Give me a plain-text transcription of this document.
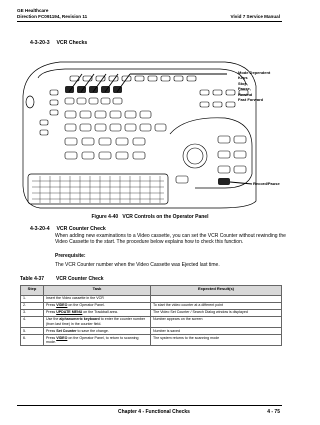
GE Healthcare
Direction FC091194, Revision 11	Vivid 7 Service Manual
4-3-20-3 VCR Checks
Mode Dependent
Keys
Stop,
Pause,
Rewind
Fast Forward
Record/Pause
Figure 4-40 VCR Controls on the Operator Panel
4-3-20-4 VCR Counter Check
When adding new examinations to a Video cassette, you can set the VCR Counter without rewinding the Video Cassette to the start. The procedure below explains how to check this function.
Prerequisite:
The VCR Counter number when the Video Cassette was Ejected last time.
Table 4-37 VCR Counter Check
Step	Task	Expected Result(s)
1.	Insert the Video cassette in the VCR	
2.	Press VIDEO on the Operator Panel.	To start the video counter at a different point
3.	Press UPDATE MENU on the Trackball area.	The Video Set Counter / Search Dialog window is displayed
4.	Use the alphanumeric keyboard to enter the counter number (from last time) in the counter field.	Number appears on the screen
5.	Press Set Counter to save the change.	Number is saved
6.	Press VIDEO on the Operator Panel, to return to scanning mode.	The system returns to the scanning mode
Chapter 4 - Functional Checks	4 - 75
